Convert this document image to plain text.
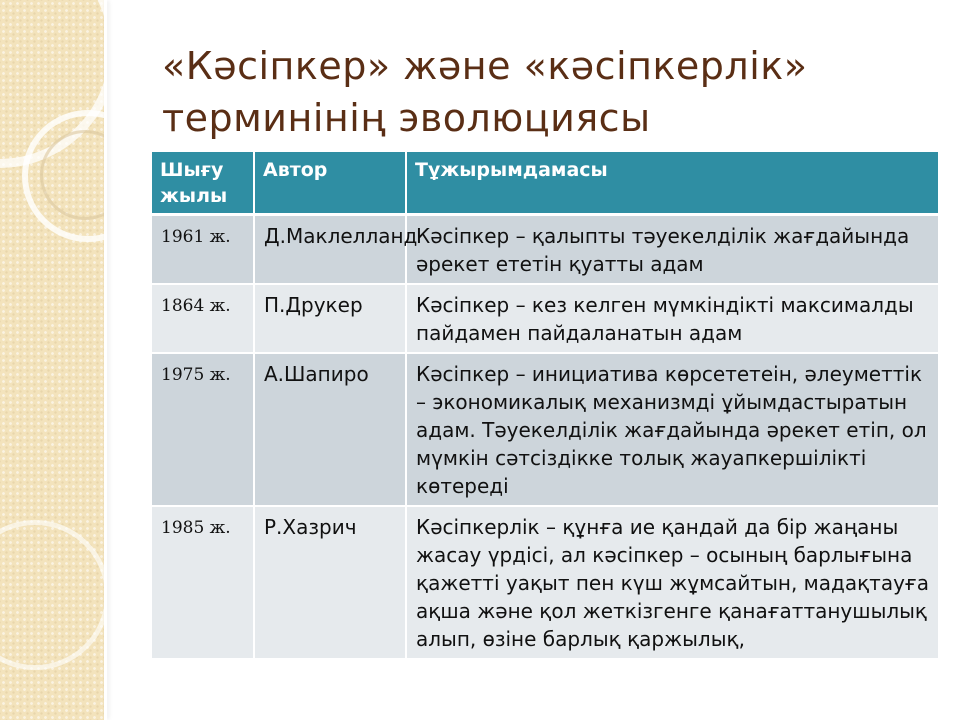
«Кәсіпкер» және «кәсіпкерлік»
терминінің эволюциясы
Шығу жылы	Автор	Тұжырымдамасы
1961 ж.	Д.Маклелланд	Кәсіпкер – қалыпты тәуекелділік жағдайында әрекет ететін қуатты адам
1864 ж.	П.Друкер	Кәсіпкер – кез келген мүмкіндікті максималды пайдамен пайдаланатын адам
1975 ж.	А.Шапиро	Кәсіпкер – инициатива көрсететеін, әлеуметтік – экономикалық механизмді ұйымдастыратын адам. Тәуекелділік жағдайында әрекет етіп, ол мүмкін сәтсіздікке толық жауапкершілікті көтереді
1985 ж.	Р.Хазрич	Кәсіпкерлік – құнға ие қандай да бір жаңаны жасау үрдісі, ал кәсіпкер – осының барлығына қажетті уақыт пен күш жұмсайтын, мадақтауға ақша және қол жеткізгенге қанағаттанушылық алып, өзіне барлық қаржылық,
